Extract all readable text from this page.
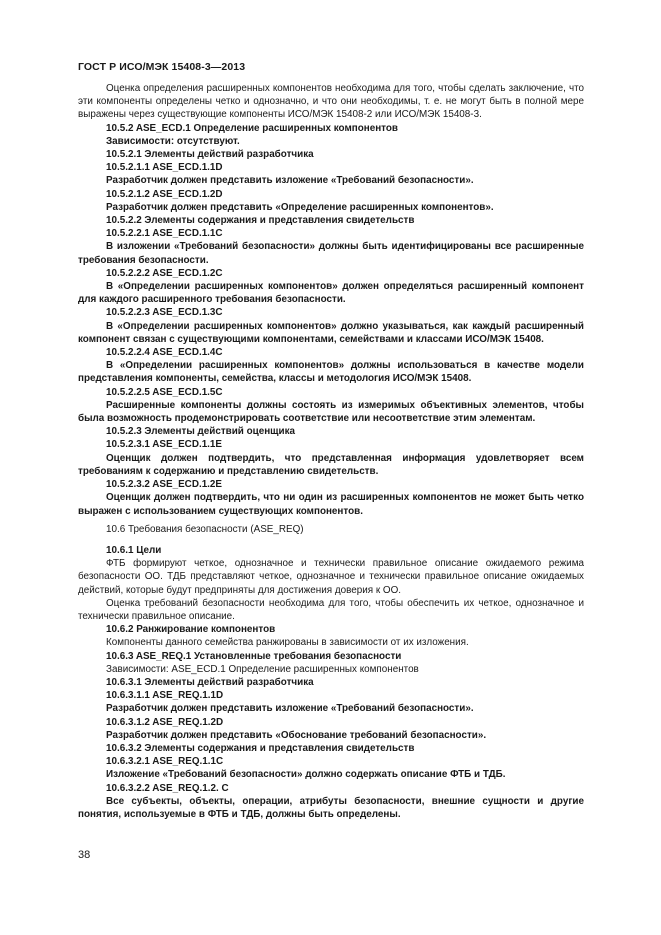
ГОСТ Р ИСО/МЭК 15408-3—2013

Оценка определения расширенных компонентов необходима для того, чтобы сделать заключение, что эти компоненты определены четко и однозначно, и что они необходимы, т. е. не могут быть в полной мере выражены через существующие компоненты ИСО/МЭК 15408-2 или ИСО/МЭК 15408-3.

10.5.2 ASE_ECD.1 Определение расширенных компонентов

Зависимости: отсутствуют.

10.5.2.1 Элементы действий разработчика

10.5.2.1.1 ASE_ECD.1.1D

Разработчик должен представить изложение «Требований безопасности».

10.5.2.1.2 ASE_ECD.1.2D

Разработчик должен представить «Определение расширенных компонентов».

10.5.2.2 Элементы содержания и представления свидетельств

10.5.2.2.1 ASE_ECD.1.1C

В изложении «Требований безопасности» должны быть идентифицированы все расширенные требования безопасности.

10.5.2.2.2 ASE_ECD.1.2C

В «Определении расширенных компонентов» должен определяться расширенный компонент для каждого расширенного требования безопасности.

10.5.2.2.3 ASE_ECD.1.3C

В «Определении расширенных компонентов» должно указываться, как каждый расширенный компонент связан с существующими компонентами, семействами и классами ИСО/МЭК 15408.

10.5.2.2.4 ASE_ECD.1.4C

В «Определении расширенных компонентов» должны использоваться в качестве модели представления компоненты, семейства, классы и методология ИСО/МЭК 15408.

10.5.2.2.5 ASE_ECD.1.5C

Расширенные компоненты должны состоять из измеримых объективных элементов, чтобы была возможность продемонстрировать соответствие или несоответствие этим элементам.

10.5.2.3 Элементы действий оценщика

10.5.2.3.1 ASE_ECD.1.1E

Оценщик должен подтвердить, что представленная информация удовлетворяет всем требованиям к содержанию и представлению свидетельств.

10.5.2.3.2 ASE_ECD.1.2E

Оценщик должен подтвердить, что ни один из расширенных компонентов не может быть четко выражен с использованием существующих компонентов.

10.6 Требования безопасности (ASE_REQ)

10.6.1 Цели

ФТБ формируют четкое, однозначное и технически правильное описание ожидаемого режима безопасности ОО. ТДБ представляют четкое, однозначное и технически правильное описание ожидаемых действий, которые будут предприняты для достижения доверия к ОО.

Оценка требований безопасности необходима для того, чтобы обеспечить их четкое, однозначное и технически правильное описание.

10.6.2 Ранжирование компонентов

Компоненты данного семейства ранжированы в зависимости от их изложения.

10.6.3 ASE_REQ.1 Установленные требования безопасности

Зависимости: ASE_ECD.1 Определение расширенных компонентов

10.6.3.1 Элементы действий разработчика

10.6.3.1.1 ASE_REQ.1.1D

Разработчик должен представить изложение «Требований безопасности».

10.6.3.1.2 ASE_REQ.1.2D

Разработчик должен представить «Обоснование требований безопасности».

10.6.3.2 Элементы содержания и представления свидетельств

10.6.3.2.1 ASE_REQ.1.1C

Изложение «Требований безопасности» должно содержать описание ФТБ и ТДБ.

10.6.3.2.2 ASE_REQ.1.2. C

Все субъекты, объекты, операции, атрибуты безопасности, внешние сущности и другие понятия, используемые в ФТБ и ТДБ, должны быть определены.

38
